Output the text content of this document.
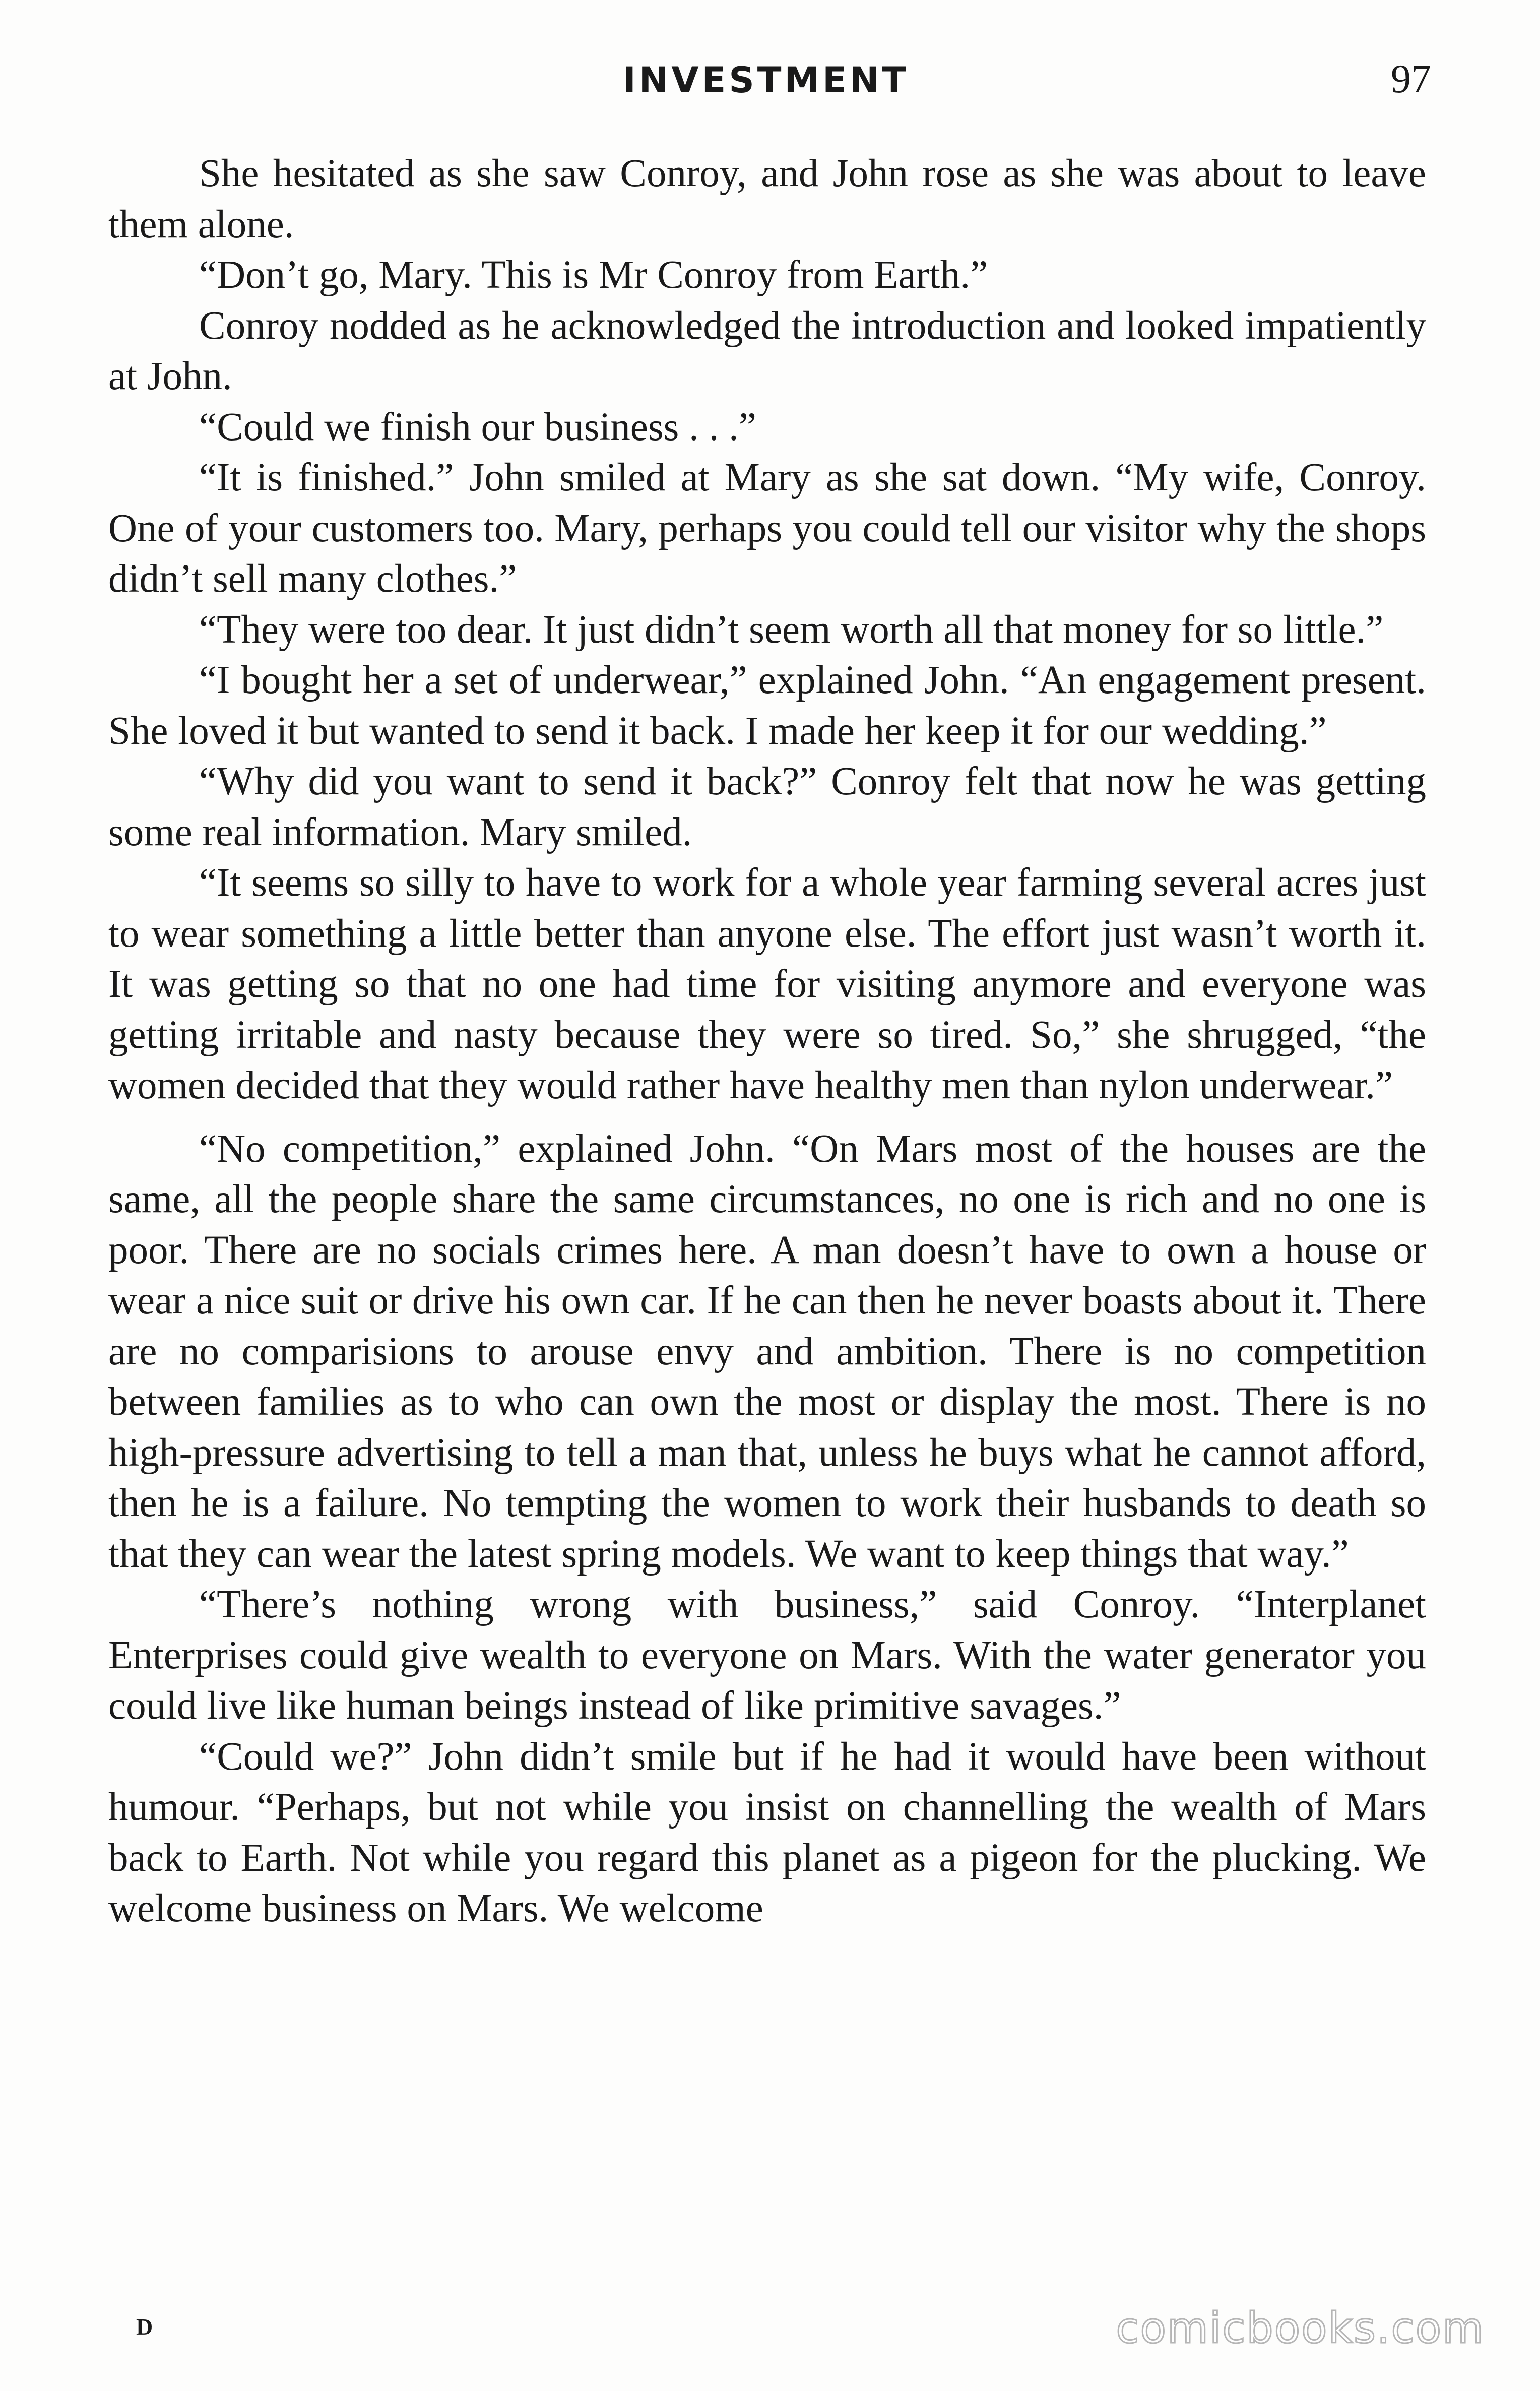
INVESTMENT	97

She hesitated as she saw Conroy, and John rose as she was about to leave them alone.

“Don’t go, Mary. This is Mr Conroy from Earth.”

Conroy nodded as he acknowledged the introduction and looked impatiently at John.

“Could we finish our business . . .”

“It is finished.” John smiled at Mary as she sat down. “My wife, Conroy. One of your customers too. Mary, perhaps you could tell our visitor why the shops didn’t sell many clothes.”

“They were too dear. It just didn’t seem worth all that money for so little.”

“I bought her a set of underwear,” explained John. “An engagement present. She loved it but wanted to send it back. I made her keep it for our wedding.”

“Why did you want to send it back?” Conroy felt that now he was getting some real information. Mary smiled.

“It seems so silly to have to work for a whole year farming several acres just to wear something a little better than anyone else. The effort just wasn’t worth it. It was getting so that no one had time for visiting anymore and everyone was getting irritable and nasty because they were so tired. So,” she shrugged, “the women decided that they would rather have healthy men than nylon underwear.”

“No competition,” explained John. “On Mars most of the houses are the same, all the people share the same circumstances, no one is rich and no one is poor. There are no socials crimes here. A man doesn’t have to own a house or wear a nice suit or drive his own car. If he can then he never boasts about it. There are no comparisions to arouse envy and ambition. There is no competition between families as to who can own the most or display the most. There is no high-pressure advertising to tell a man that, unless he buys what he cannot afford, then he is a failure. No tempting the women to work their husbands to death so that they can wear the latest spring models. We want to keep things that way.”

“There’s nothing wrong with business,” said Conroy. “Interplanet Enterprises could give wealth to everyone on Mars. With the water generator you could live like human beings instead of like primitive savages.”

“Could we?” John didn’t smile but if he had it would have been without humour. “Perhaps, but not while you insist on channelling the wealth of Mars back to Earth. Not while you regard this planet as a pigeon for the plucking. We welcome business on Mars. We welcome

D	comicbooks.com
